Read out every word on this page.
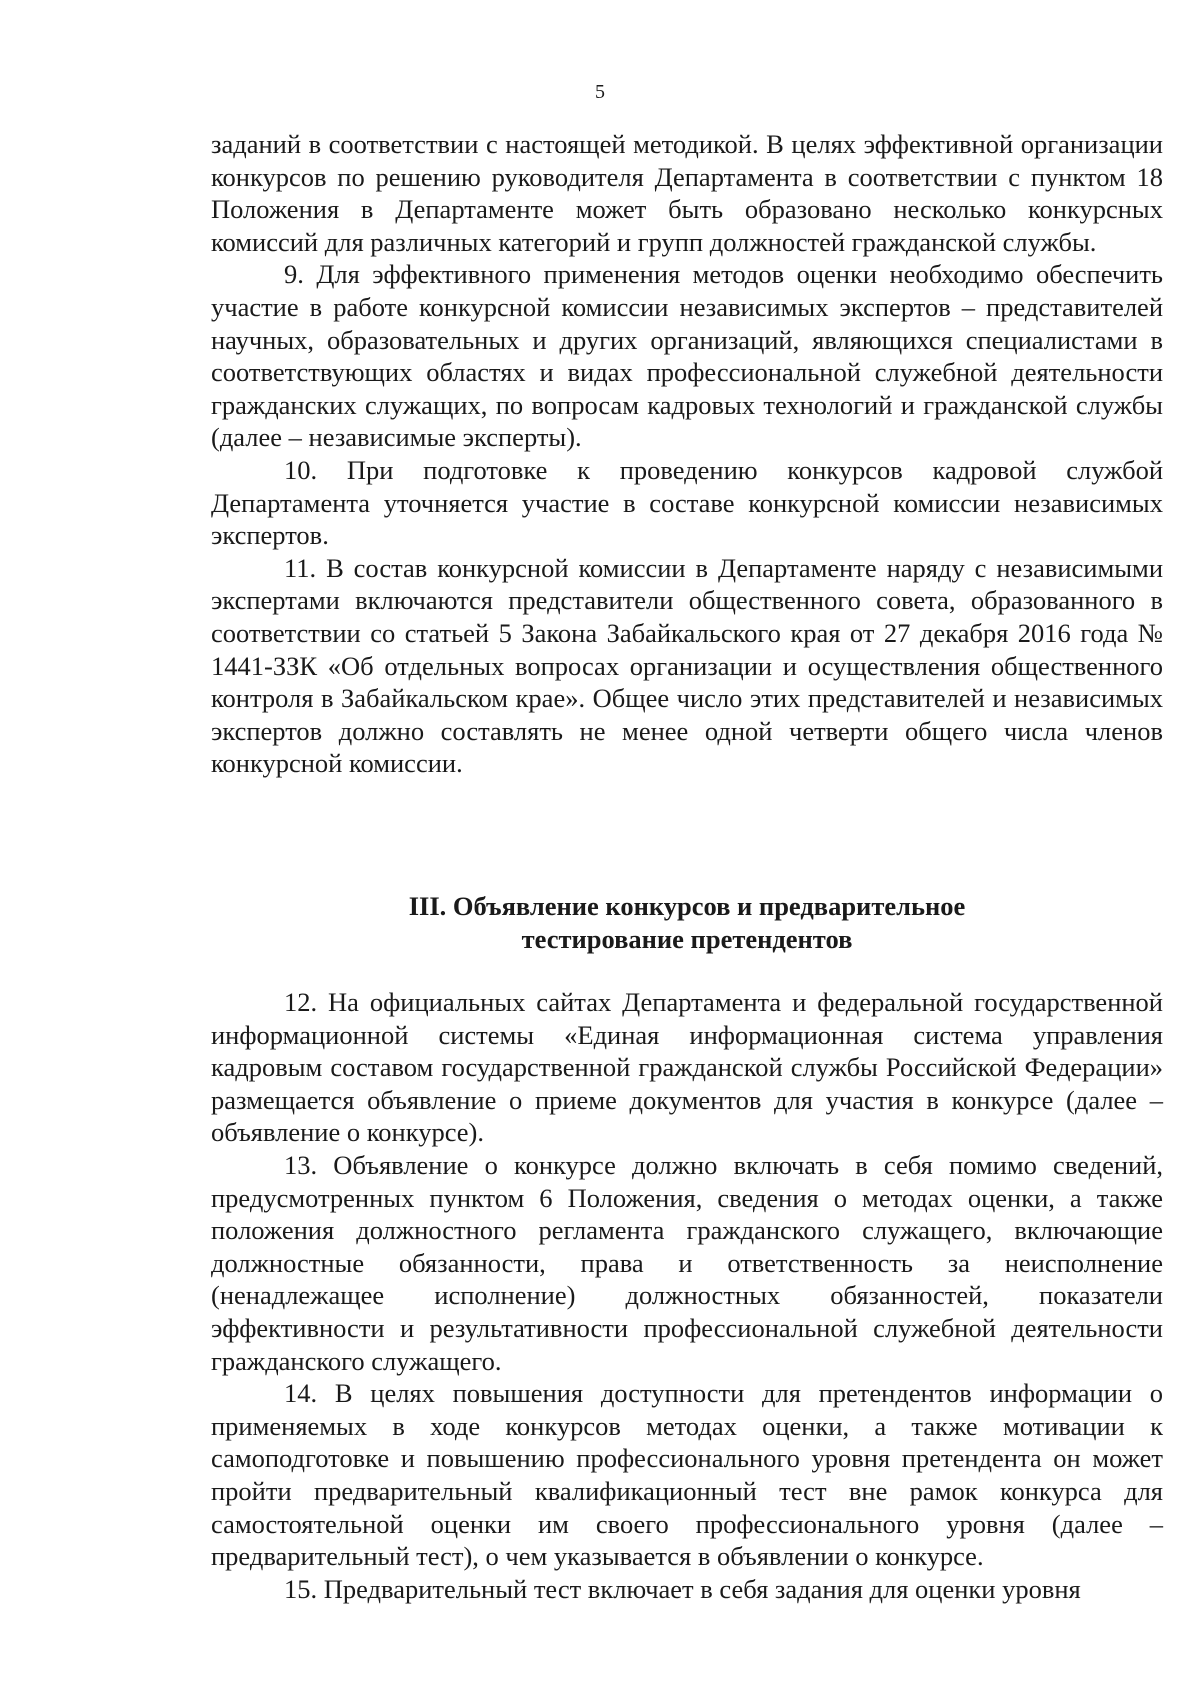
5

заданий в соответствии с настоящей методикой. В целях эффективной организации конкурсов по решению руководителя Департамента в соответствии с пунктом 18 Положения в Департаменте может быть образовано несколько конкурсных комиссий для различных категорий и групп должностей гражданской службы.

9. Для эффективного применения методов оценки необходимо обеспечить участие в работе конкурсной комиссии независимых экспертов – представителей научных, образовательных и других организаций, являющихся специалистами в соответствующих областях и видах профессиональной служебной деятельности гражданских служащих, по вопросам кадровых технологий и гражданской службы (далее – независимые эксперты).

10. При подготовке к проведению конкурсов кадровой службой Департамента уточняется участие в составе конкурсной комиссии независимых экспертов.

11. В состав конкурсной комиссии в Департаменте наряду с независимыми экспертами включаются представители общественного совета, образованного в соответствии со статьей 5 Закона Забайкальского края от 27 декабря 2016 года № 1441-ЗЗК «Об отдельных вопросах организации и осуществления общественного контроля в Забайкальском крае». Общее число этих представителей и независимых экспертов должно составлять не менее одной четверти общего числа членов конкурсной комиссии.

III. Объявление конкурсов и предварительное
тестирование претендентов

12. На официальных сайтах Департамента и федеральной государственной информационной системы «Единая информационная система управления кадровым составом государственной гражданской службы Российской Федерации» размещается объявление о приеме документов для участия в конкурсе (далее – объявление о конкурсе).

13. Объявление о конкурсе должно включать в себя помимо сведений, предусмотренных пунктом 6 Положения, сведения о методах оценки, а также положения должностного регламента гражданского служащего, включающие должностные обязанности, права и ответственность за неисполнение (ненадлежащее исполнение) должностных обязанностей, показатели эффективности и результативности профессиональной служебной деятельности гражданского служащего.

14. В целях повышения доступности для претендентов информации о применяемых в ходе конкурсов методах оценки, а также мотивации к самоподготовке и повышению профессионального уровня претендента он может пройти предварительный квалификационный тест вне рамок конкурса для самостоятельной оценки им своего профессионального уровня (далее – предварительный тест), о чем указывается в объявлении о конкурсе.

15. Предварительный тест включает в себя задания для оценки уровня
